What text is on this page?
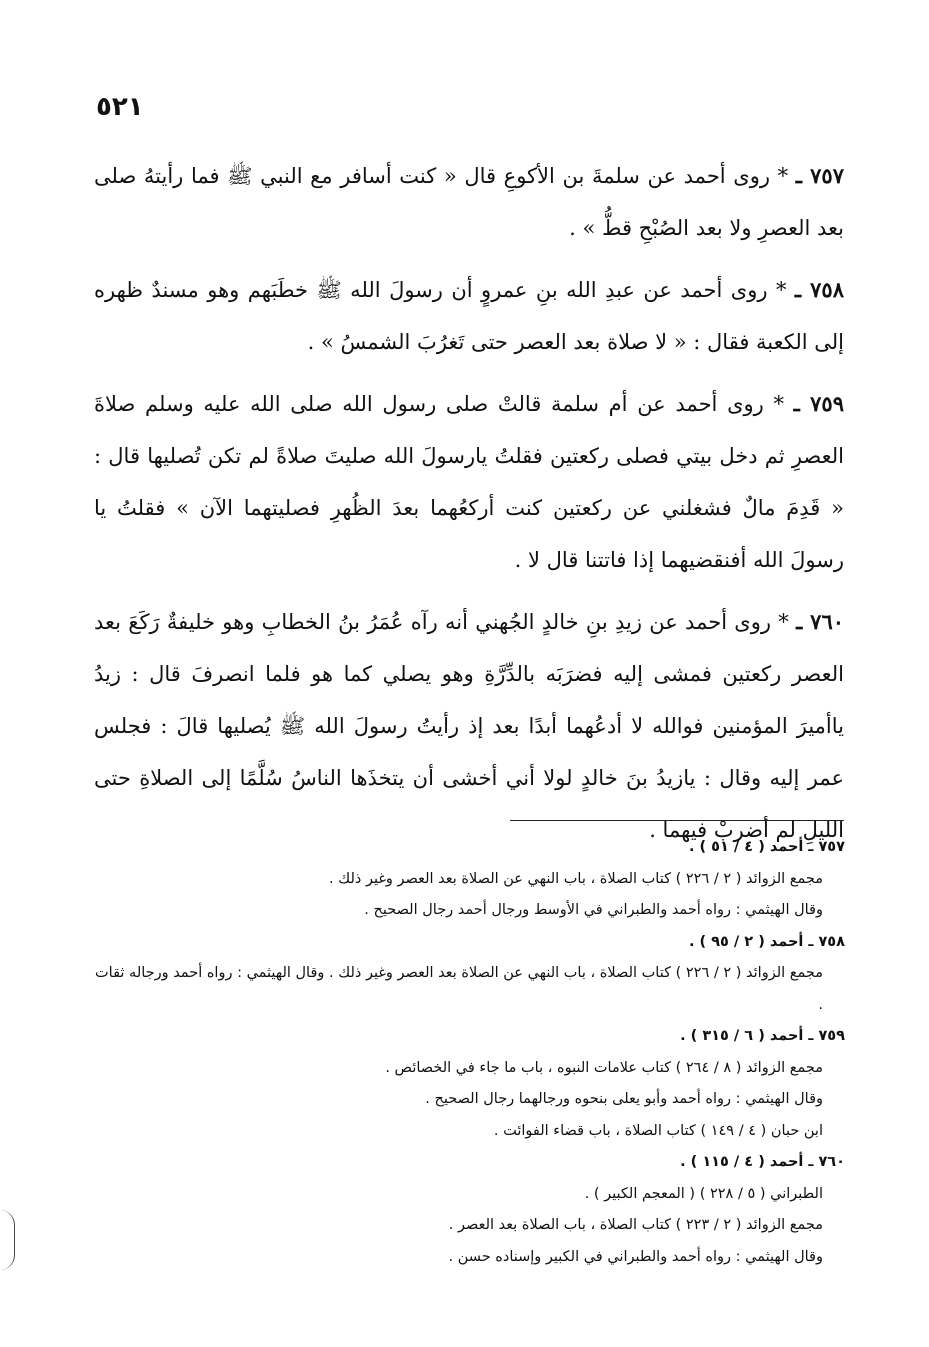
٥٢١

٧٥٧ ـ * روى أحمد عن سلمةَ بن الأكوعِ قال « كنت أسافر مع النبي ﷺ فما رأيتهُ صلى بعد العصرِ ولا بعد الصُبْحِ قطُّ » .

٧٥٨ ـ * روى أحمد عن عبدِ الله بنِ عمروٍ أن رسولَ الله ﷺ خطَبَهم وهو مسندٌ ظهره إلى الكعبة فقال : « لا صلاة بعد العصر حتى تَغرُبَ الشمسُ » .

٧٥٩ ـ * روى أحمد عن أم سلمة قالتْ صلى رسول الله صلى الله عليه وسلم صلاةَ العصرِ ثم دخل بيتي فصلى ركعتين فقلتُ يارسولَ الله صليتَ صلاةً لم تكن تُصليها قال : « قَدِمَ مالٌ فشغلني عن ركعتين كنت أركعُهما بعدَ الظُهرِ فصليتهما الآن » فقلتُ يا رسولَ الله أفنقضيهما إذا فاتتنا قال لا .

٧٦٠ ـ * روى أحمد عن زيدِ بنِ خالدٍ الجُهني أنه رآه عُمَرُ بنُ الخطابِ وهو خليفةٌ رَكَعَ بعد العصر ركعتين فمشى إليه فضرَبَه بالدِّرَّةِ وهو يصلي كما هو فلما انصرفَ قال : زيدُ ياأميرَ المؤمنين فوالله لا أدعُهما أبدًا بعد إذ رأيتُ رسولَ الله ﷺ يُصليها قالَ : فجلس عمر إليه وقال : يازيدُ بنَ خالدٍ لولا أني أخشى أن يتخذَها الناسُ سُلَّمًا إلى الصلاةِ حتى الليلِ لم أضربْ فيهما .

٧٥٧ ـ أحمد ( ٤ / ٥١ ) .
مجمع الزوائد ( ٢ / ٢٢٦ ) كتاب الصلاة ، باب النهي عن الصلاة بعد العصر وغير ذلك .
وقال الهيثمي : رواه أحمد والطبراني في الأوسط ورجال أحمد رجال الصحيح .
٧٥٨ ـ أحمد ( ٢ / ٩٥ ) .
مجمع الزوائد ( ٢ / ٢٢٦ ) كتاب الصلاة ، باب النهي عن الصلاة بعد العصر وغير ذلك . وقال الهيثمي : رواه أحمد ورجاله ثقات .
٧٥٩ ـ أحمد ( ٦ / ٣١٥ ) .
مجمع الزوائد ( ٨ / ٢٦٤ ) كتاب علامات النبوه ، باب ما جاء في الخصائص .
وقال الهيثمي : رواه أحمد وأبو يعلى بنحوه ورجالهما رجال الصحيح .
ابن حبان ( ٤ / ١٤٩ ) كتاب الصلاة ، باب قضاء الفوائت .
٧٦٠ ـ أحمد ( ٤ / ١١٥ ) .
الطبراني ( ٥ / ٢٢٨ ) ( المعجم الكبير ) .
مجمع الزوائد ( ٢ / ٢٢٣ ) كتاب الصلاة ، باب الصلاة بعد العصر .
وقال الهيثمي : رواه أحمد والطبراني في الكبير وإسناده حسن .
